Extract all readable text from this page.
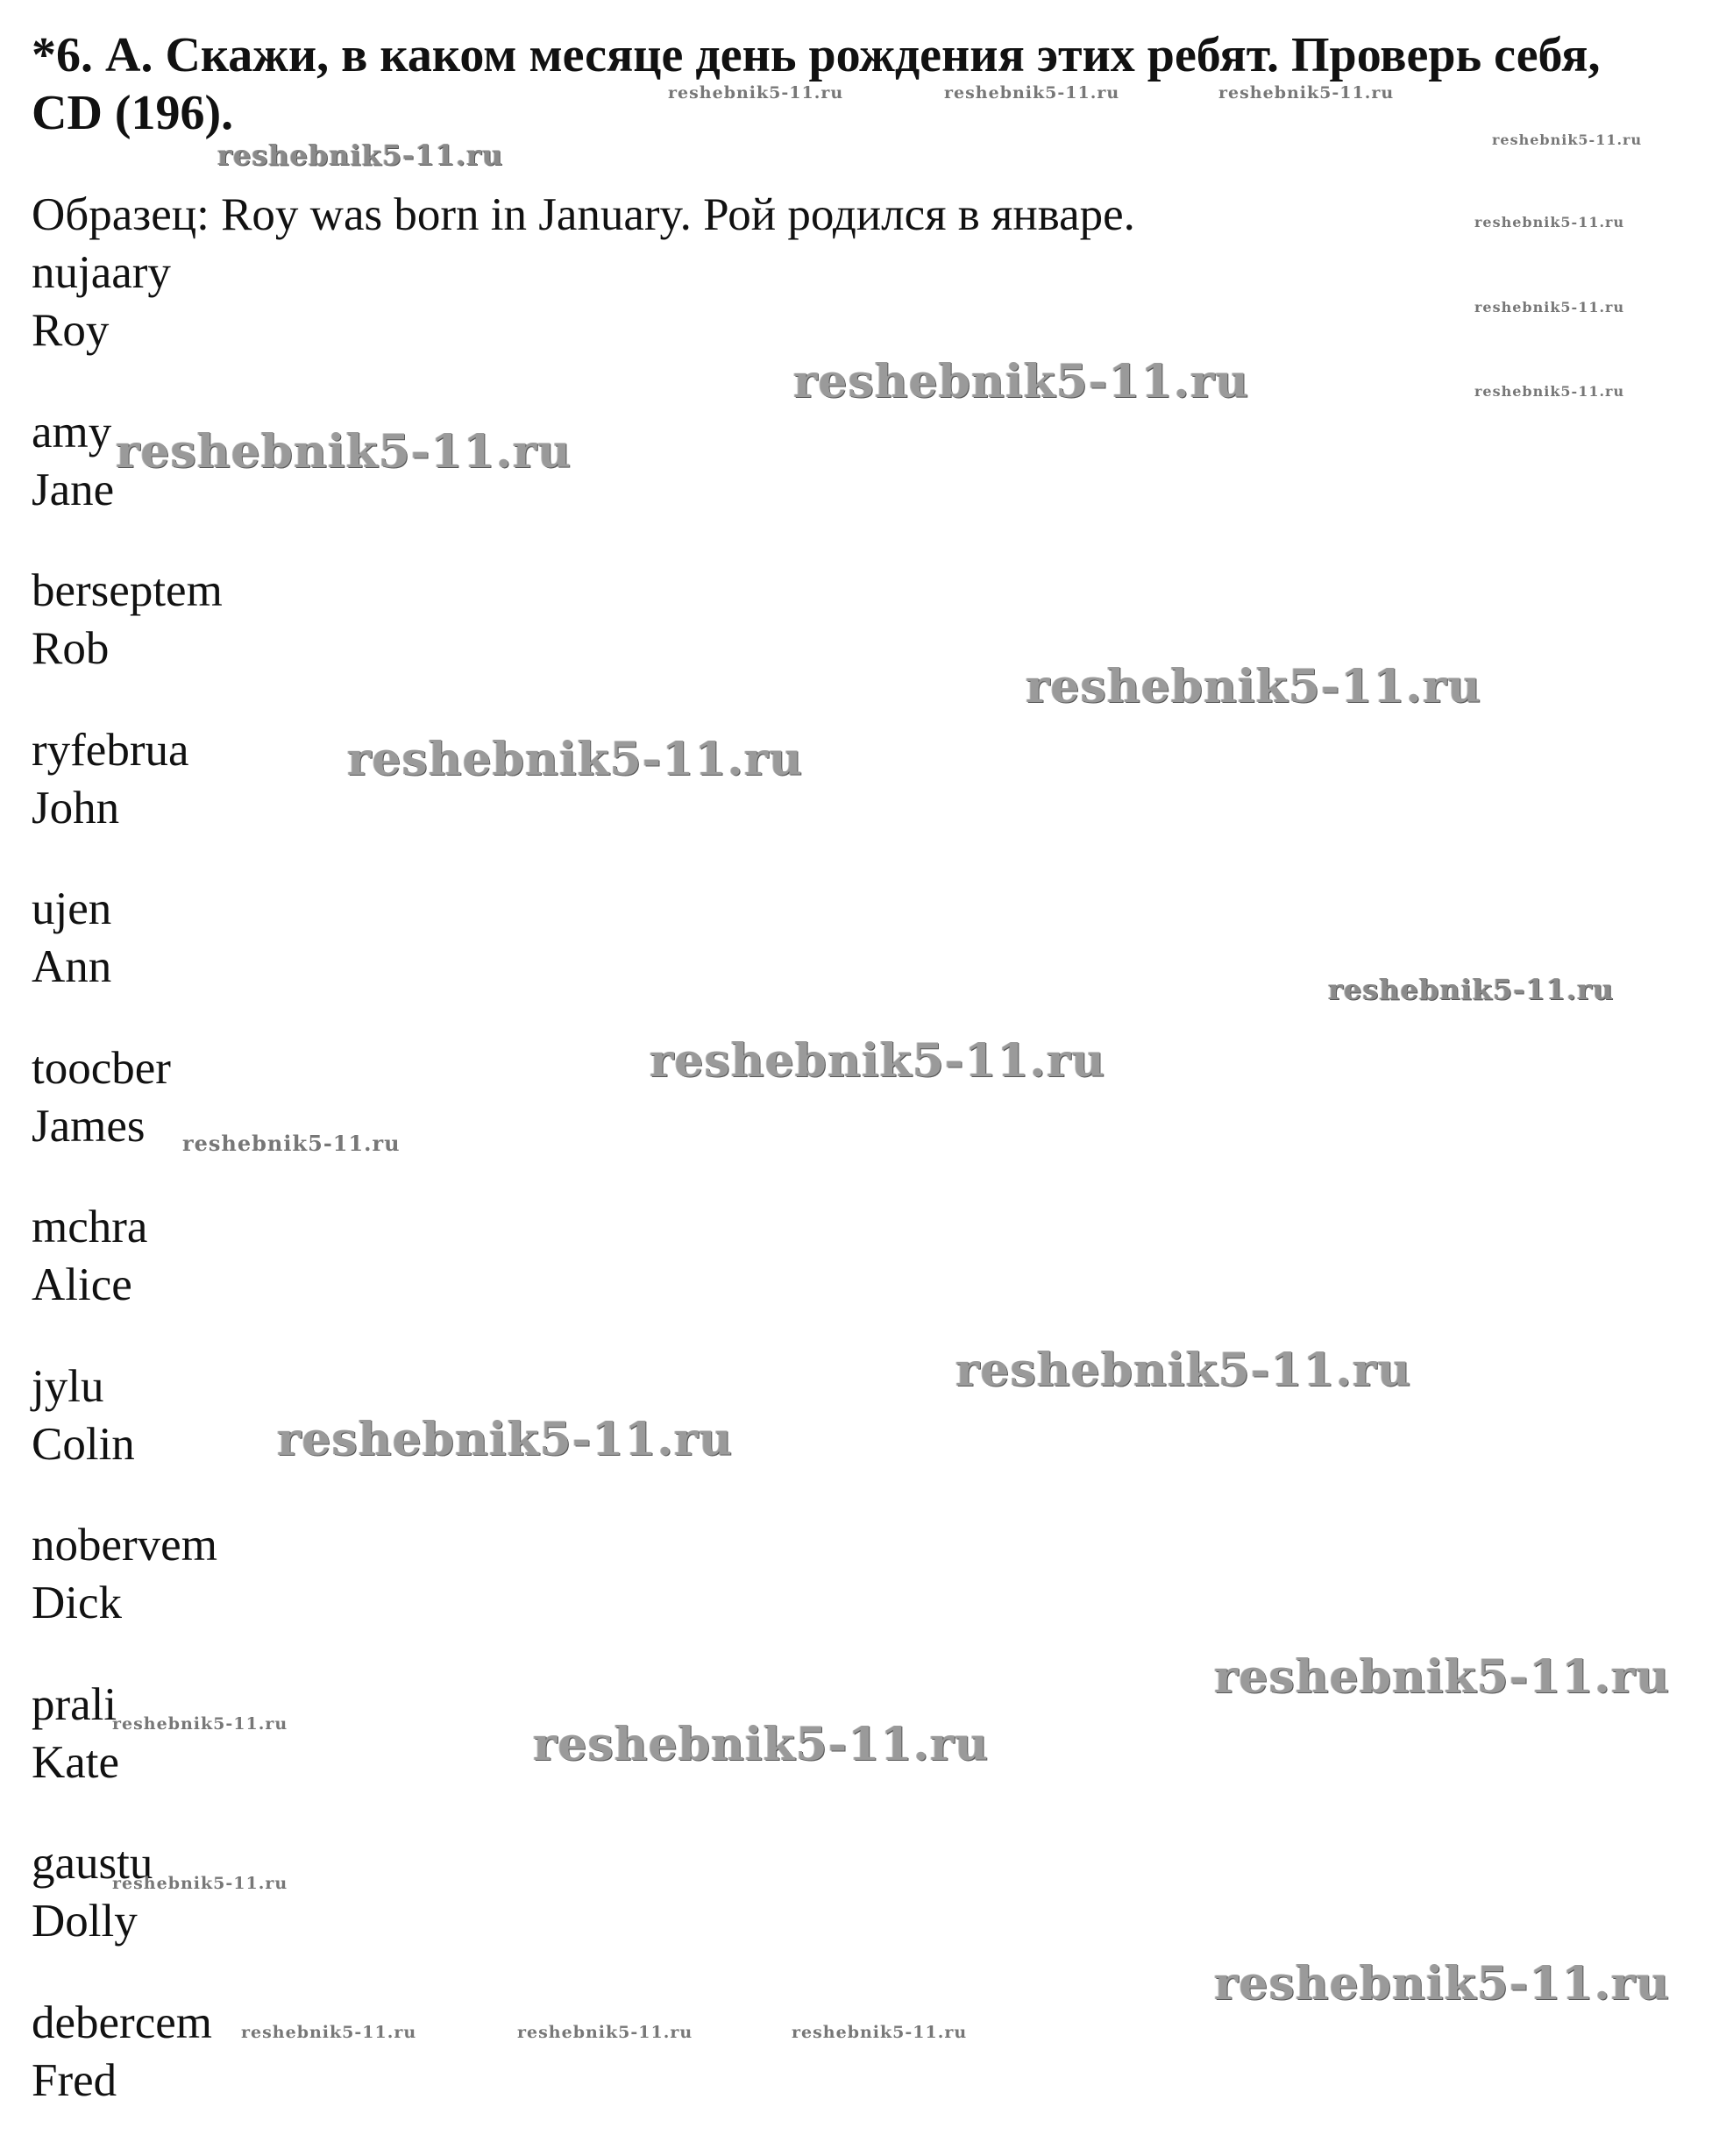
*6. А. Скажи, в каком месяце день рождения этих ребят. Проверь себя,
CD (196).

Образец: Roy was born in January. Рой родился в январе.

nujaary
Roy
amy
Jane
berseptem
Rob
ryfebrua
John
ujen
Ann
toocber
James
mchra
Alice
jylu
Colin
nobervem
Dick
prali
Kate
gaustu
Dolly
debercem
Fred
reshebnik5-11.ru	reshebnik5-11.ru	reshebnik5-11.ru
reshebnik5-11.ru
reshebnik5-11.ru
reshebnik5-11.ru
reshebnik5-11.ru
reshebnik5-11.ru	reshebnik5-11.ru
reshebnik5-11.ru
reshebnik5-11.ru
reshebnik5-11.ru
reshebnik5-11.ru
reshebnik5-11.ru
reshebnik5-11.ru
reshebnik5-11.ru
reshebnik5-11.ru
reshebnik5-11.ru
reshebnik5-11.ru	reshebnik5-11.ru
reshebnik5-11.ru
reshebnik5-11.ru
reshebnik5-11.ru	reshebnik5-11.ru	reshebnik5-11.ru
